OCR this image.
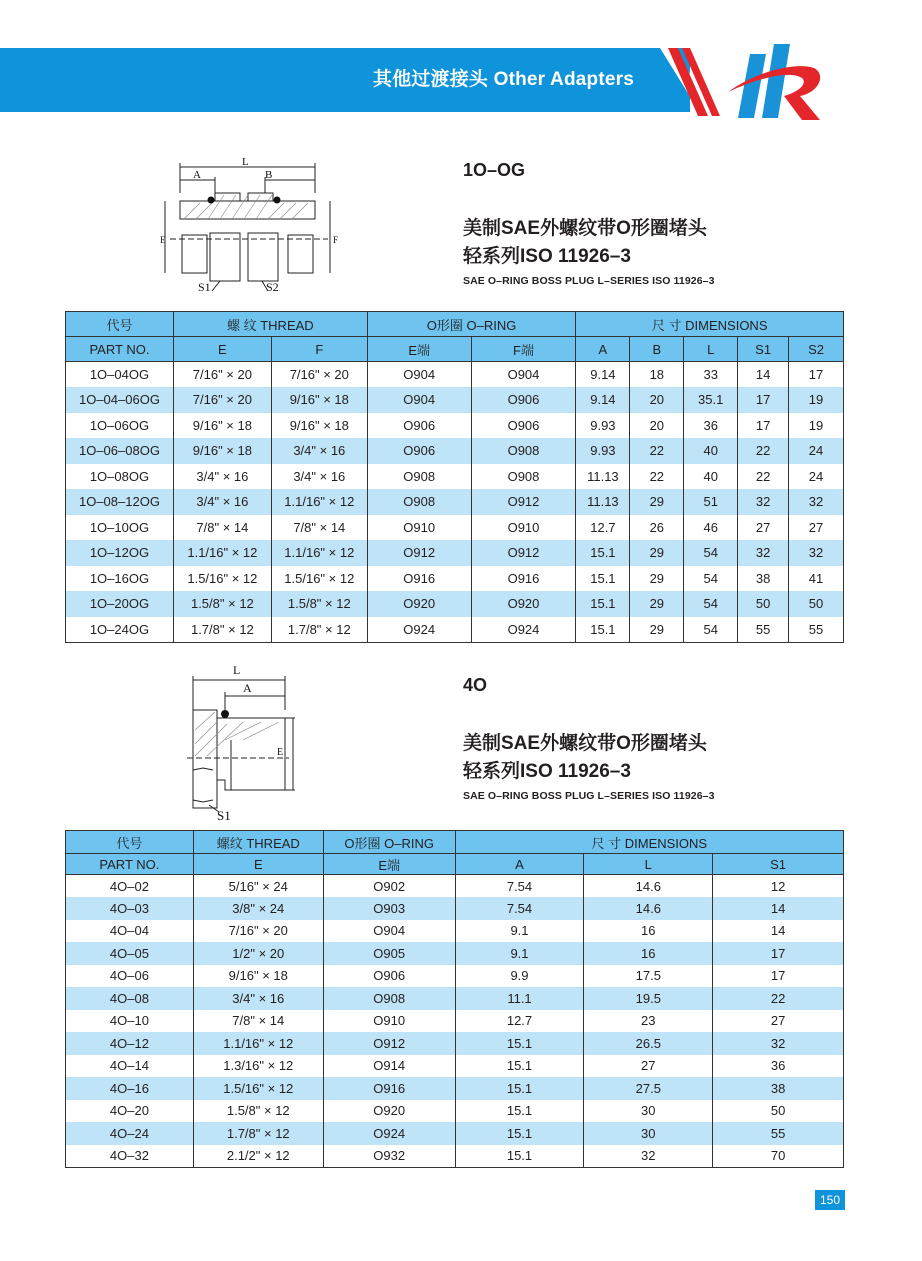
其他过渡接头 Other Adapters
L
A	B
E	F
S1	S2
1O–OG
美制SAE外螺纹带O形圈堵头
轻系列ISO 11926–3
SAE O–RING BOSS PLUG L–SERIES ISO 11926–3
代号	螺 纹 THREAD		O形圈 O–RING		尺 寸 DIMENSIONS				
PART NO.	E	F	E端	F端	A	B	L	S1	S2
1O–04OG	7/16" × 20	7/16" × 20	O904	O904	9.14	18	33	14	17
1O–04–06OG	7/16" × 20	9/16" × 18	O904	O906	9.14	20	35.1	17	19
1O–06OG	9/16" × 18	9/16" × 18	O906	O906	9.93	20	36	17	19
1O–06–08OG	9/16" × 18	3/4" × 16	O906	O908	9.93	22	40	22	24
1O–08OG	3/4" × 16	3/4" × 16	O908	O908	11.13	22	40	22	24
1O–08–12OG	3/4" × 16	1.1/16" × 12	O908	O912	11.13	29	51	32	32
1O–10OG	7/8" × 14	7/8" × 14	O910	O910	12.7	26	46	27	27
1O–12OG	1.1/16" × 12	1.1/16" × 12	O912	O912	15.1	29	54	32	32
1O–16OG	1.5/16" × 12	1.5/16" × 12	O916	O916	15.1	29	54	38	41
1O–20OG	1.5/8" × 12	1.5/8" × 12	O920	O920	15.1	29	54	50	50
1O–24OG	1.7/8" × 12	1.7/8" × 12	O924	O924	15.1	29	54	55	55
L
A
E
S1
4O
美制SAE外螺纹带O形圈堵头
轻系列ISO 11926–3
SAE O–RING BOSS PLUG L–SERIES ISO 11926–3
代号	螺纹 THREAD	O形圈 O–RING	尺 寸 DIMENSIONS		
PART NO.	E	E端	A	L	S1
4O–02	5/16" × 24	O902	7.54	14.6	12
4O–03	3/8" × 24	O903	7.54	14.6	14
4O–04	7/16" × 20	O904	9.1	16	14
4O–05	1/2" × 20	O905	9.1	16	17
4O–06	9/16" × 18	O906	9.9	17.5	17
4O–08	3/4" × 16	O908	11.1	19.5	22
4O–10	7/8" × 14	O910	12.7	23	27
4O–12	1.1/16" × 12	O912	15.1	26.5	32
4O–14	1.3/16" × 12	O914	15.1	27	36
4O–16	1.5/16" × 12	O916	15.1	27.5	38
4O–20	1.5/8" × 12	O920	15.1	30	50
4O–24	1.7/8" × 12	O924	15.1	30	55
4O–32	2.1/2" × 12	O932	15.1	32	70
150
